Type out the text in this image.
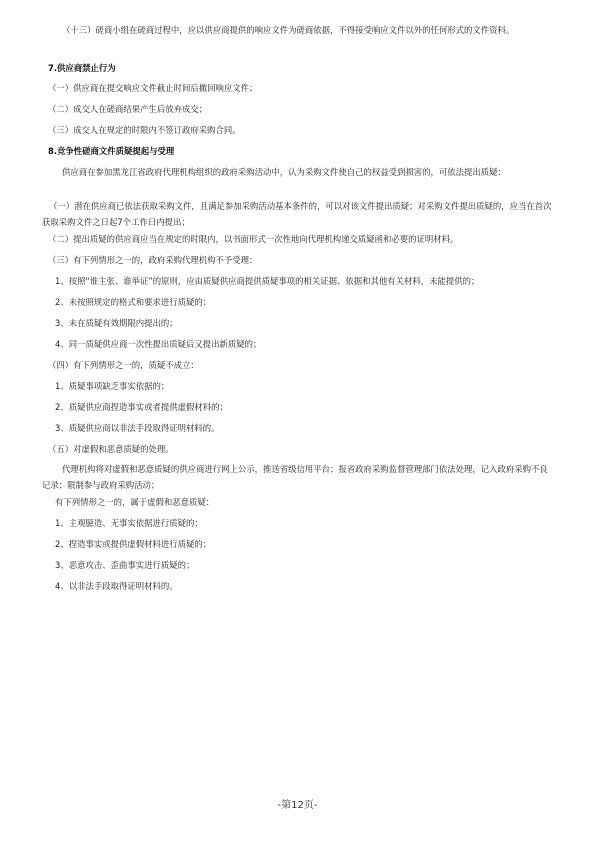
（十三）磋商小组在磋商过程中，应以供应商提供的响应文件为磋商依据，不得接受响应文件以外的任何形式的文件资料。
7.供应商禁止行为
（一）供应商在提交响应文件截止时间后撤回响应文件；
（二）成交人在磋商结果产生后放弃成交；
（三）成交人在规定的时限内不签订政府采购合同。
8.竞争性磋商文件质疑提起与受理
供应商在参加黑龙江省政府代理机构组织的政府采购活动中，认为采购文件使自己的权益受到损害的，可依法提出质疑：
（一）潜在供应商已依法获取采购文件，且满足参加采购活动基本条件的，可以对该文件提出质疑；对采购文件提出质疑的，应当在首次获取采购文件之日起7个工作日内提出；
（二）提出质疑的供应商应当在规定的时限内，以书面形式一次性地向代理机构递交质疑函和必要的证明材料。
（三）有下列情形之一的，政府采购代理机构不予受理：
1、按照“谁主张、谁举证”的原则，应由质疑供应商提供质疑事项的相关证据、依据和其他有关材料，未能提供的；
2、未按照规定的格式和要求进行质疑的；
3、未在质疑有效期限内提出的；
4、同一质疑供应商一次性提出质疑后又提出新质疑的；
（四）有下列情形之一的，质疑不成立：
1、质疑事项缺乏事实依据的；
2、质疑供应商捏造事实或者提供虚假材料的；
3、质疑供应商以非法手段取得证明材料的。
（五）对虚假和恶意质疑的处理。
代理机构将对虚假和恶意质疑的供应商进行网上公示，推送省级信用平台；报省政府采购监督管理部门依法处理，记入政府采购不良记录；限制参与政府采购活动；
有下列情形之一的，属于虚假和恶意质疑：
1、主观臆造、无事实依据进行质疑的；
2、捏造事实或提供虚假材料进行质疑的；
3、恶意攻击、歪曲事实进行质疑的；
4、以非法手段取得证明材料的。
-第12页-
